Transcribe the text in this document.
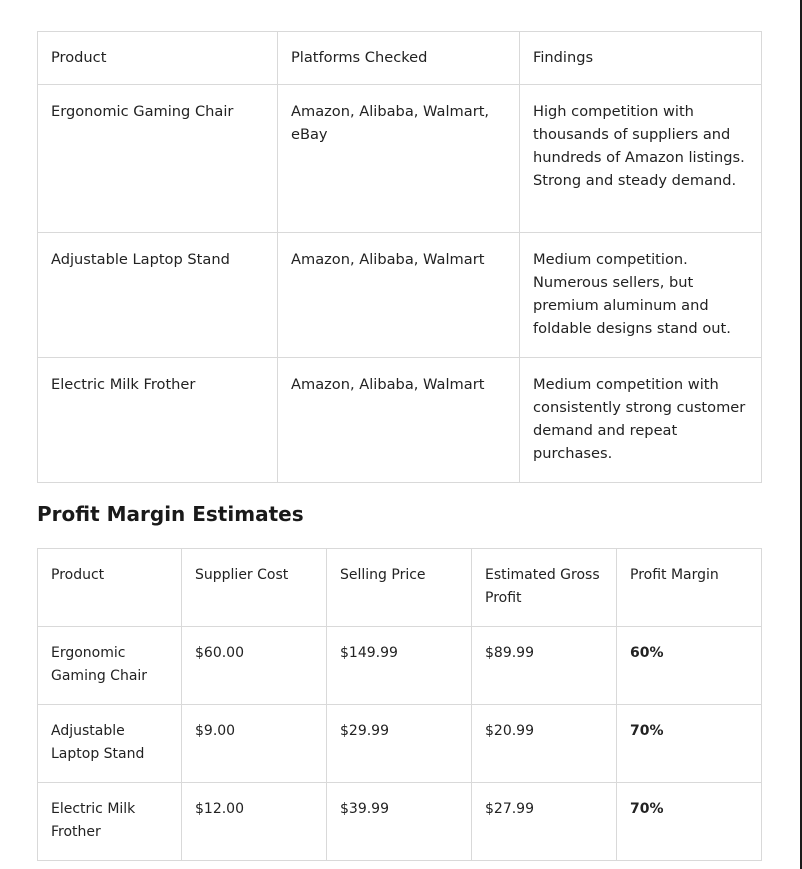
Product	Platforms Checked	Findings
Ergonomic Gaming Chair	Amazon, Alibaba, Walmart, eBay	High competition with thousands of suppliers and hundreds of Amazon listings. Strong and steady demand.
Adjustable Laptop Stand	Amazon, Alibaba, Walmart	Medium competition. Numerous sellers, but premium aluminum and foldable designs stand out.
Electric Milk Frother	Amazon, Alibaba, Walmart	Medium competition with consistently strong customer demand and repeat purchases.
Profit Margin Estimates
Product	Supplier Cost	Selling Price	Estimated Gross Profit	Profit Margin
Ergonomic Gaming Chair	$60.00	$149.99	$89.99	60%
Adjustable Laptop Stand	$9.00	$29.99	$20.99	70%
Electric Milk Frother	$12.00	$39.99	$27.99	70%
